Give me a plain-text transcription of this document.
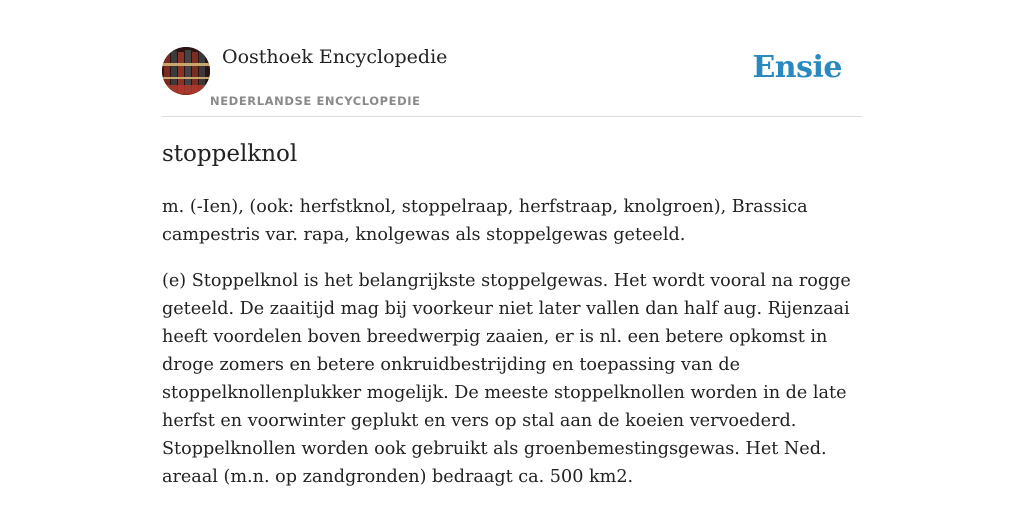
Oosthoek Encyclopedie
NEDERLANDSE ENCYCLOPEDIE
Ensie
stoppelknol

m. (-Ien), (ook: herfstknol, stoppelraap, herfstraap, knolgroen), Brassica campestris var. rapa, knolgewas als stoppelgewas geteeld.

(e) Stoppelknol is het belangrijkste stoppelgewas. Het wordt vooral na rogge geteeld. De zaaitijd mag bij voorkeur niet later vallen dan half aug. Rijenzaai heeft voordelen boven breedwerpig zaaien, er is nl. een betere opkomst in droge zomers en betere onkruidbestrijding en toepassing van de stoppelknollenplukker mogelijk. De meeste stoppelknollen worden in de late herfst en voorwinter geplukt en vers op stal aan de koeien vervoederd. Stoppelknollen worden ook gebruikt als groenbemestingsgewas. Het Ned. areaal (m.n. op zandgronden) bedraagt ca. 500 km2.
